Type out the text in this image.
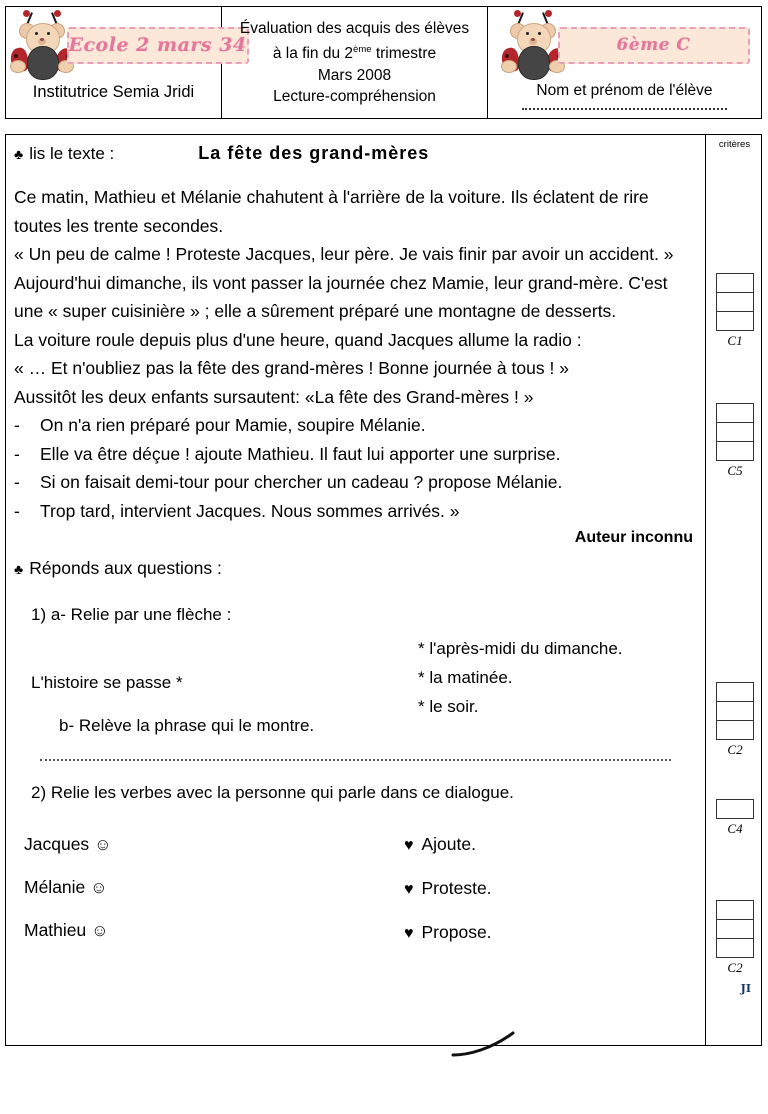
Ecole 2 mars 34
Institutrice Semia Jridi
Évaluation des acquis des élèves
à la fin du 2ème trimestre
Mars 2008
Lecture-compréhension
6ème C
Nom et prénom de l'élève
♣ lis le texte :	La fête des grand-mères

Ce matin, Mathieu et Mélanie chahutent à l'arrière de la voiture. Ils éclatent de rire toutes les trente secondes.

« Un peu de calme ! Proteste Jacques, leur père. Je vais finir par avoir un accident. »

Aujourd'hui dimanche, ils vont passer la journée chez Mamie, leur grand-mère. C'est une « super cuisinière » ; elle a sûrement préparé une montagne de desserts.

La voiture roule depuis plus d'une heure, quand Jacques allume la radio :

« … Et n'oubliez pas la fête des grand-mères ! Bonne journée à tous ! »

Aussitôt les deux enfants sursautent: «La fête des Grand-mères ! »

-	On n'a rien préparé pour Mamie, soupire Mélanie.
-	Elle va être déçue ! ajoute Mathieu. Il faut lui apporter une surprise.
-	Si on faisait demi-tour pour chercher un cadeau ? propose Mélanie.
-	Trop tard, intervient Jacques. Nous sommes arrivés. »
Auteur inconnu
♣ Réponds aux questions :
1) a- Relie par une flèche :
L'histoire se passe *
* l'après-midi du dimanche.
* la matinée.
* le soir.
b- Relève la phrase qui le montre.
2) Relie les verbes avec la personne qui parle dans ce dialogue.
Jacques ☺
Mélanie ☺
Mathieu ☺
♥ Ajoute.
♥ Proteste.
♥ Propose.
critères
C1
C5
C2
C4
C2
JI
